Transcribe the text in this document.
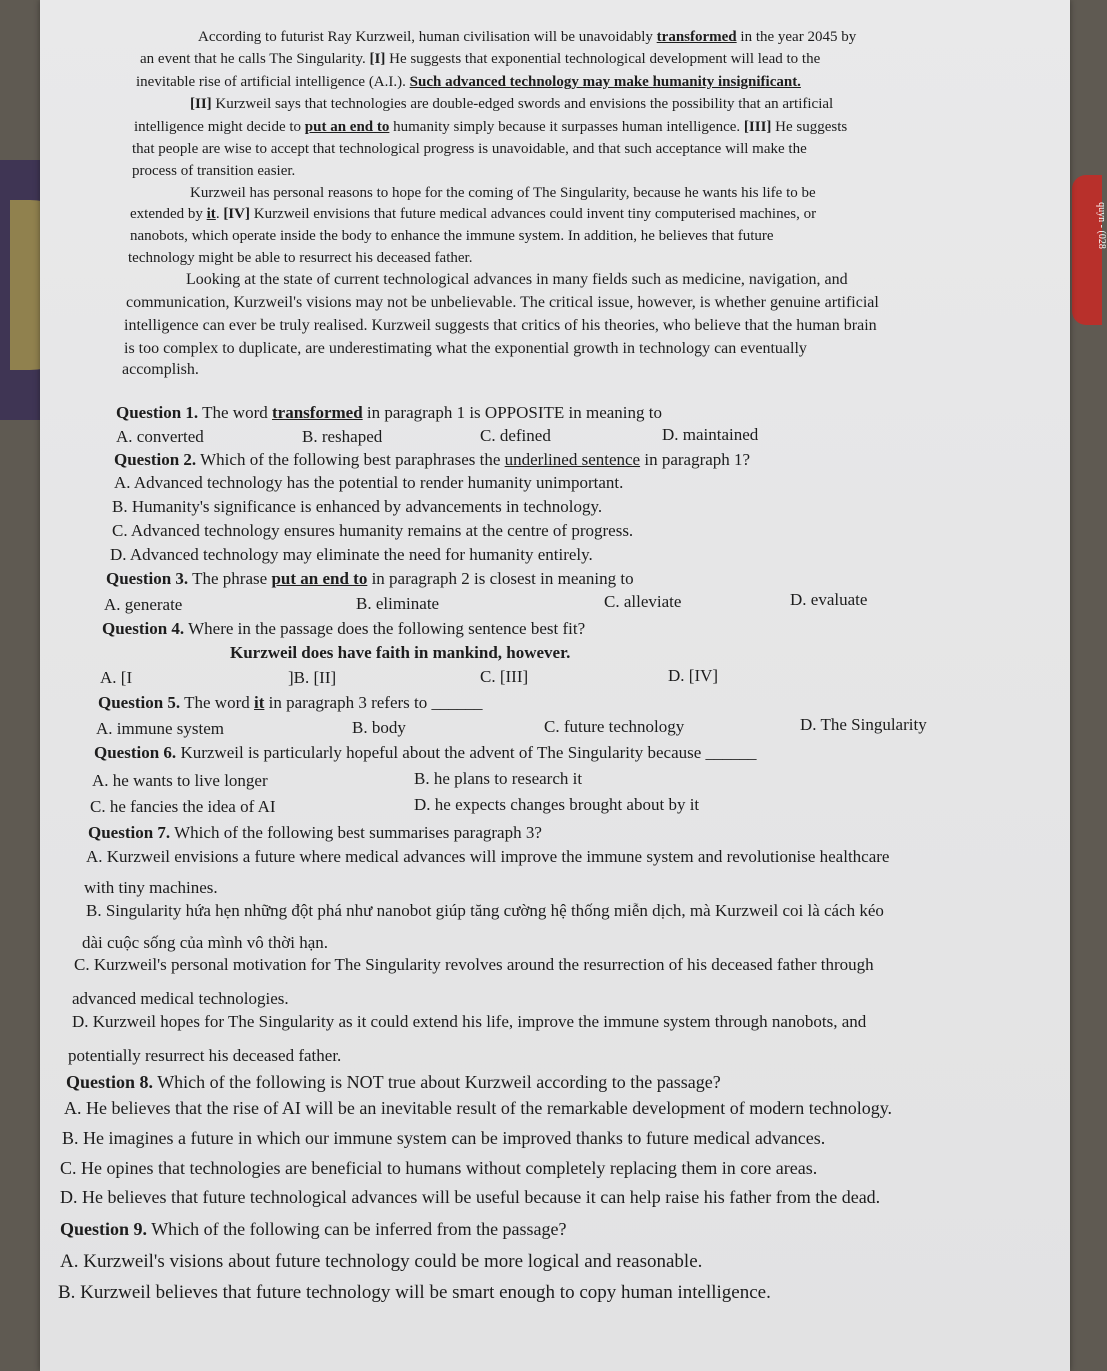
quyn - (028
According to futurist Ray Kurzweil, human civilisation will be unavoidably transformed in the year 2045 by
an event that he calls The Singularity. [I] He suggests that exponential technological development will lead to the
inevitable rise of artificial intelligence (A.I.). Such advanced technology may make humanity insignificant.
[II] Kurzweil says that technologies are double-edged swords and envisions the possibility that an artificial
intelligence might decide to put an end to humanity simply because it surpasses human intelligence. [III] He suggests
that people are wise to accept that technological progress is unavoidable, and that such acceptance will make the
process of transition easier.
Kurzweil has personal reasons to hope for the coming of The Singularity, because he wants his life to be
extended by it. [IV] Kurzweil envisions that future medical advances could invent tiny computerised machines, or
nanobots, which operate inside the body to enhance the immune system. In addition, he believes that future
technology might be able to resurrect his deceased father.
Looking at the state of current technological advances in many fields such as medicine, navigation, and
communication, Kurzweil's visions may not be unbelievable. The critical issue, however, is whether genuine artificial
intelligence can ever be truly realised. Kurzweil suggests that critics of his theories, who believe that the human brain
is too complex to duplicate, are underestimating what the exponential growth in technology can eventually
accomplish.
Question 1. The word transformed in paragraph 1 is OPPOSITE in meaning to
A. converted	B. reshaped	C. defined	D. maintained
Question 2. Which of the following best paraphrases the underlined sentence in paragraph 1?
A. Advanced technology has the potential to render humanity unimportant.
B. Humanity's significance is enhanced by advancements in technology.
C. Advanced technology ensures humanity remains at the centre of progress.
D. Advanced technology may eliminate the need for humanity entirely.
Question 3. The phrase put an end to in paragraph 2 is closest in meaning to
A. generate	B. eliminate	C. alleviate	D. evaluate
Question 4. Where in the passage does the following sentence best fit?
Kurzweil does have faith in mankind, however.
A. [I	]B. [II]	C. [III]	D. [IV]
Question 5. The word it in paragraph 3 refers to ______
A. immune system	B. body	C. future technology	D. The Singularity
Question 6. Kurzweil is particularly hopeful about the advent of The Singularity because ______
A. he wants to live longer	B. he plans to research it
C. he fancies the idea of AI	D. he expects changes brought about by it
Question 7. Which of the following best summarises paragraph 3?
A. Kurzweil envisions a future where medical advances will improve the immune system and revolutionise healthcare
with tiny machines.
B. Singularity hứa hẹn những đột phá như nanobot giúp tăng cường hệ thống miễn dịch, mà Kurzweil coi là cách kéo
dài cuộc sống của mình vô thời hạn.
C. Kurzweil's personal motivation for The Singularity revolves around the resurrection of his deceased father through
advanced medical technologies.
D. Kurzweil hopes for The Singularity as it could extend his life, improve the immune system through nanobots, and
potentially resurrect his deceased father.
Question 8. Which of the following is NOT true about Kurzweil according to the passage?
A. He believes that the rise of AI will be an inevitable result of the remarkable development of modern technology.
B. He imagines a future in which our immune system can be improved thanks to future medical advances.
C. He opines that technologies are beneficial to humans without completely replacing them in core areas.
D. He believes that future technological advances will be useful because it can help raise his father from the dead.
Question 9. Which of the following can be inferred from the passage?
A. Kurzweil's visions about future technology could be more logical and reasonable.
B. Kurzweil believes that future technology will be smart enough to copy human intelligence.
